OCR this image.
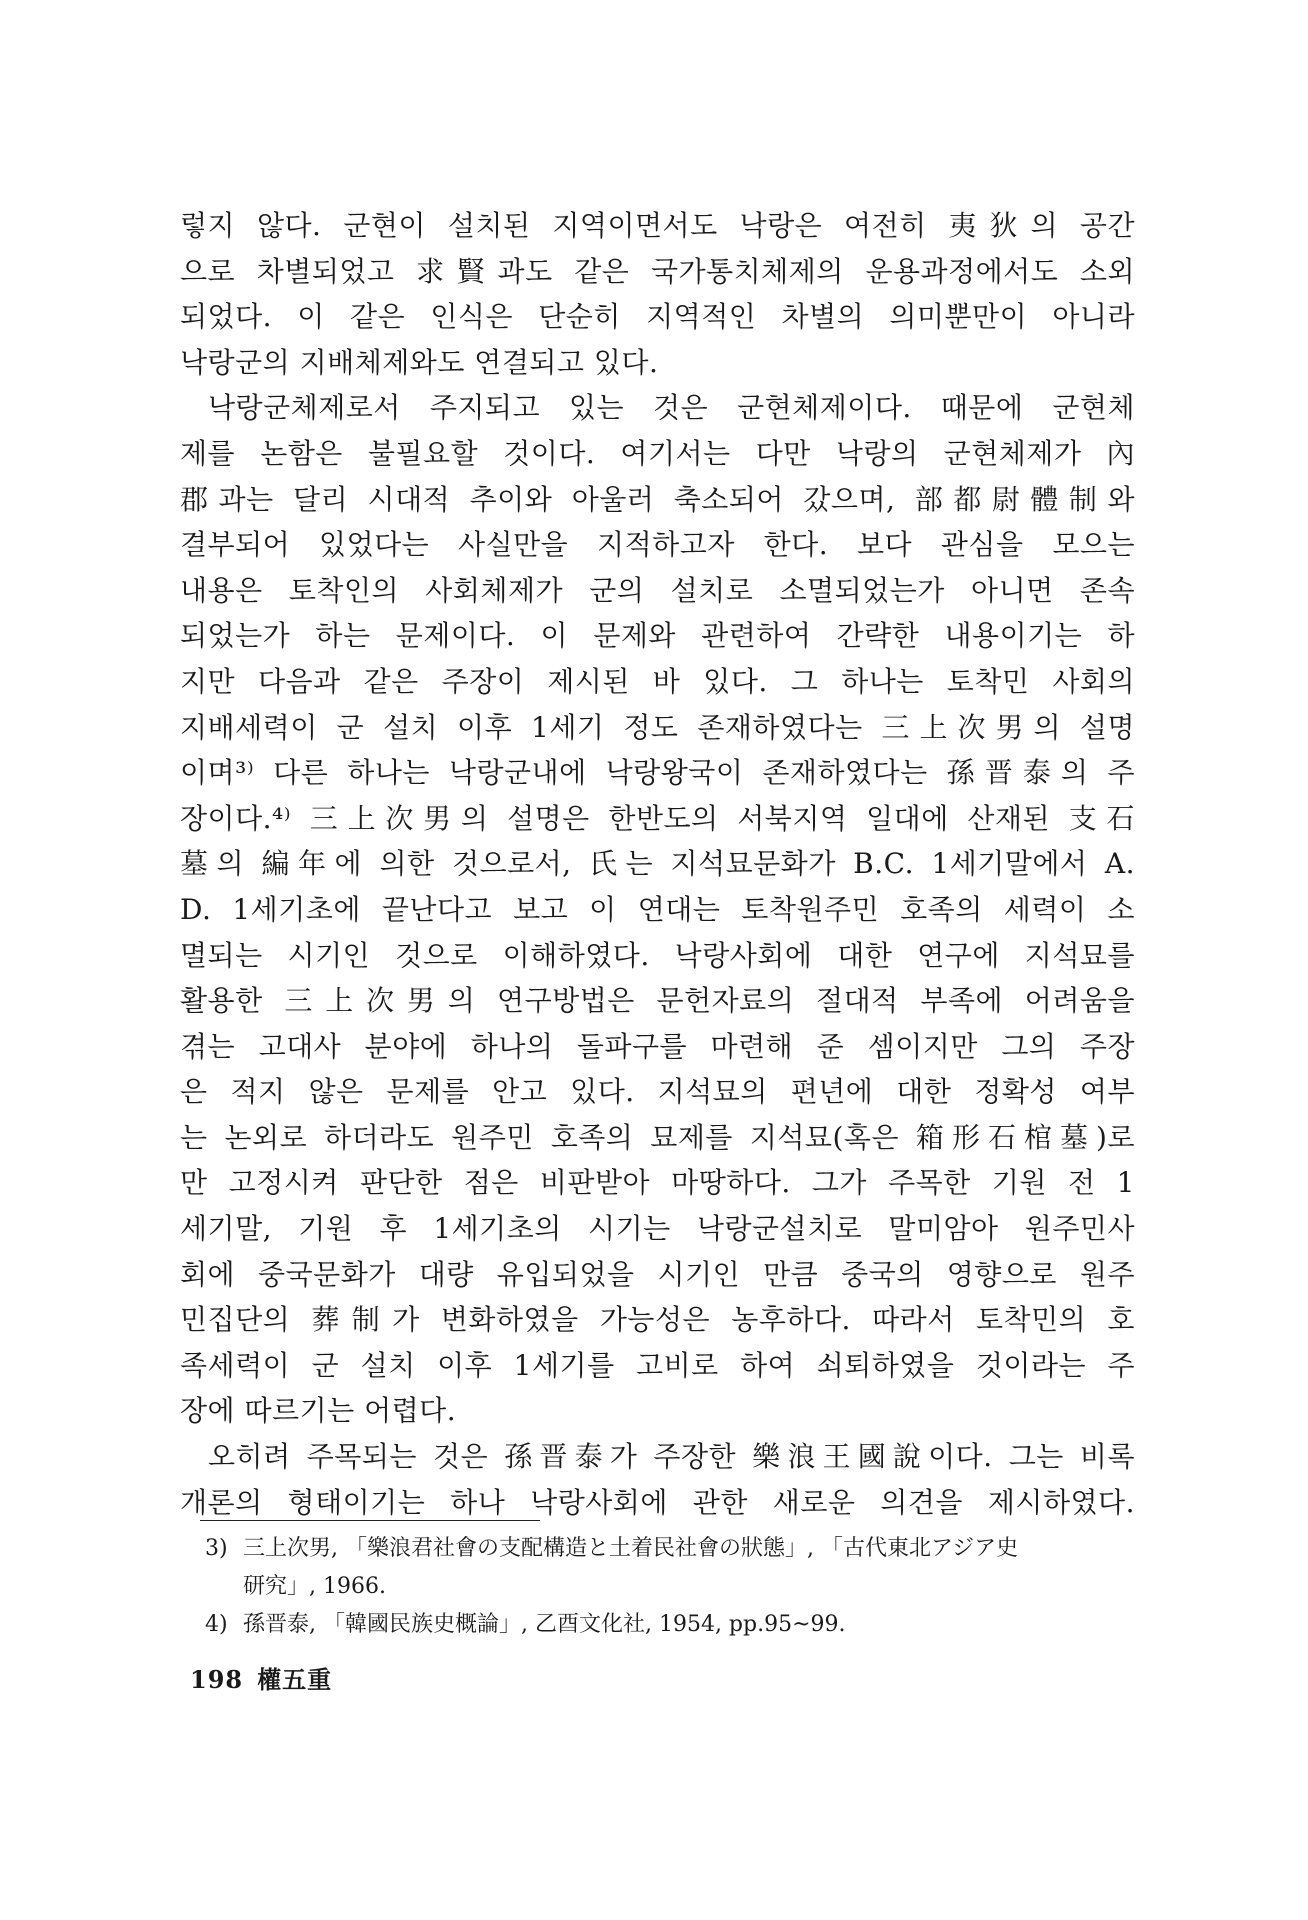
렇지 않다. 군현이 설치된 지역이면서도 낙랑은 여전히 夷狄의 공간
으로 차별되었고 求賢과도 같은 국가통치체제의 운용과정에서도 소외
되었다. 이 같은 인식은 단순히 지역적인 차별의 의미뿐만이 아니라
낙랑군의 지배체제와도 연결되고 있다.
낙랑군체제로서 주지되고 있는 것은 군현체제이다. 때문에 군현체
제를 논함은 불필요할 것이다. 여기서는 다만 낙랑의 군현체제가 內
郡과는 달리 시대적 추이와 아울러 축소되어 갔으며, 部都尉體制와
결부되어 있었다는 사실만을 지적하고자 한다. 보다 관심을 모으는
내용은 토착인의 사회체제가 군의 설치로 소멸되었는가 아니면 존속
되었는가 하는 문제이다. 이 문제와 관련하여 간략한 내용이기는 하
지만 다음과 같은 주장이 제시된 바 있다. 그 하나는 토착민 사회의
지배세력이 군 설치 이후 1세기 정도 존재하였다는 三上次男의 설명
이며³⁾ 다른 하나는 낙랑군내에 낙랑왕국이 존재하였다는 孫晋泰의 주
장이다.⁴⁾ 三上次男의 설명은 한반도의 서북지역 일대에 산재된 支石
墓의 編年에 의한 것으로서, 氏는 지석묘문화가 B.C. 1세기말에서 A.
D. 1세기초에 끝난다고 보고 이 연대는 토착원주민 호족의 세력이 소
멸되는 시기인 것으로 이해하였다. 낙랑사회에 대한 연구에 지석묘를
활용한 三上次男의 연구방법은 문헌자료의 절대적 부족에 어려움을
겪는 고대사 분야에 하나의 돌파구를 마련해 준 셈이지만 그의 주장
은 적지 않은 문제를 안고 있다. 지석묘의 편년에 대한 정확성 여부
는 논외로 하더라도 원주민 호족의 묘제를 지석묘(혹은 箱形石棺墓)로
만 고정시켜 판단한 점은 비판받아 마땅하다. 그가 주목한 기원 전 1
세기말, 기원 후 1세기초의 시기는 낙랑군설치로 말미암아 원주민사
회에 중국문화가 대량 유입되었을 시기인 만큼 중국의 영향으로 원주
민집단의 葬制가 변화하였을 가능성은 농후하다. 따라서 토착민의 호
족세력이 군 설치 이후 1세기를 고비로 하여 쇠퇴하였을 것이라는 주
장에 따르기는 어렵다.
오히려 주목되는 것은 孫晋泰가 주장한 樂浪王國說이다. 그는 비록
개론의 형태이기는 하나 낙랑사회에 관한 새로운 의견을 제시하였다.
3) 三上次男, 「樂浪君社會の支配構造と土着民社會の狀態」, 「古代東北アジア史
研究」, 1966.
4) 孫晋泰, 「韓國民族史概論」, 乙酉文化社, 1954, pp.95~99.
198 權五重
